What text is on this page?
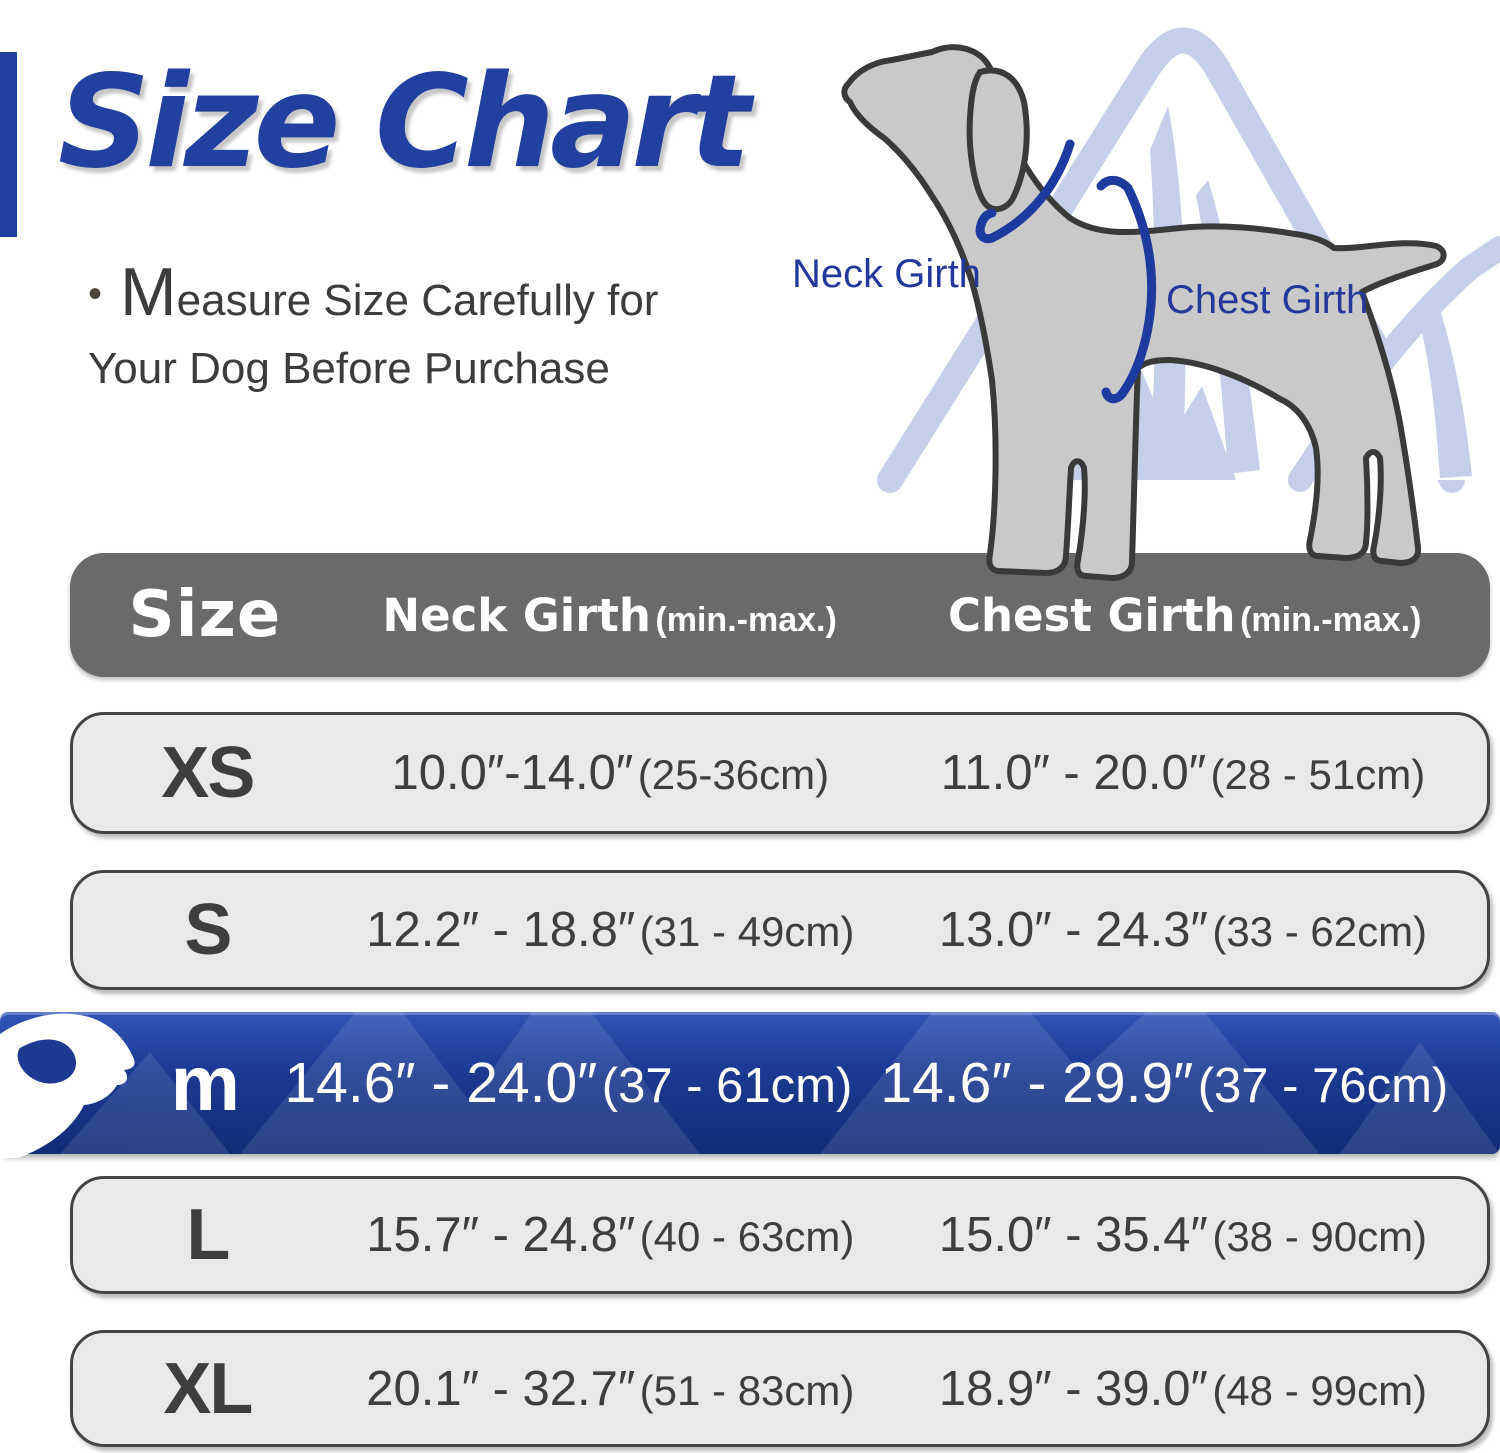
Size Chart
• Measure Size Carefully for Your Dog Before Purchase
Neck Girth
Chest Girth
Size	Neck Girth (min.-max.)	Chest Girth (min.-max.)
XS	10.0″-14.0″ (25-36cm)	11.0″ - 20.0″ (28 - 51cm)
S	12.2″ - 18.8″ (31 - 49cm)	13.0″ - 24.3″ (33 - 62cm)
m 14.6″ - 24.0″ (37 - 61cm) 14.6″ - 29.9″ (37 - 76cm)
L	15.7″ - 24.8″ (40 - 63cm)	15.0″ - 35.4″ (38 - 90cm)
XL	20.1″ - 32.7″ (51 - 83cm)	18.9″ - 39.0″ (48 - 99cm)
